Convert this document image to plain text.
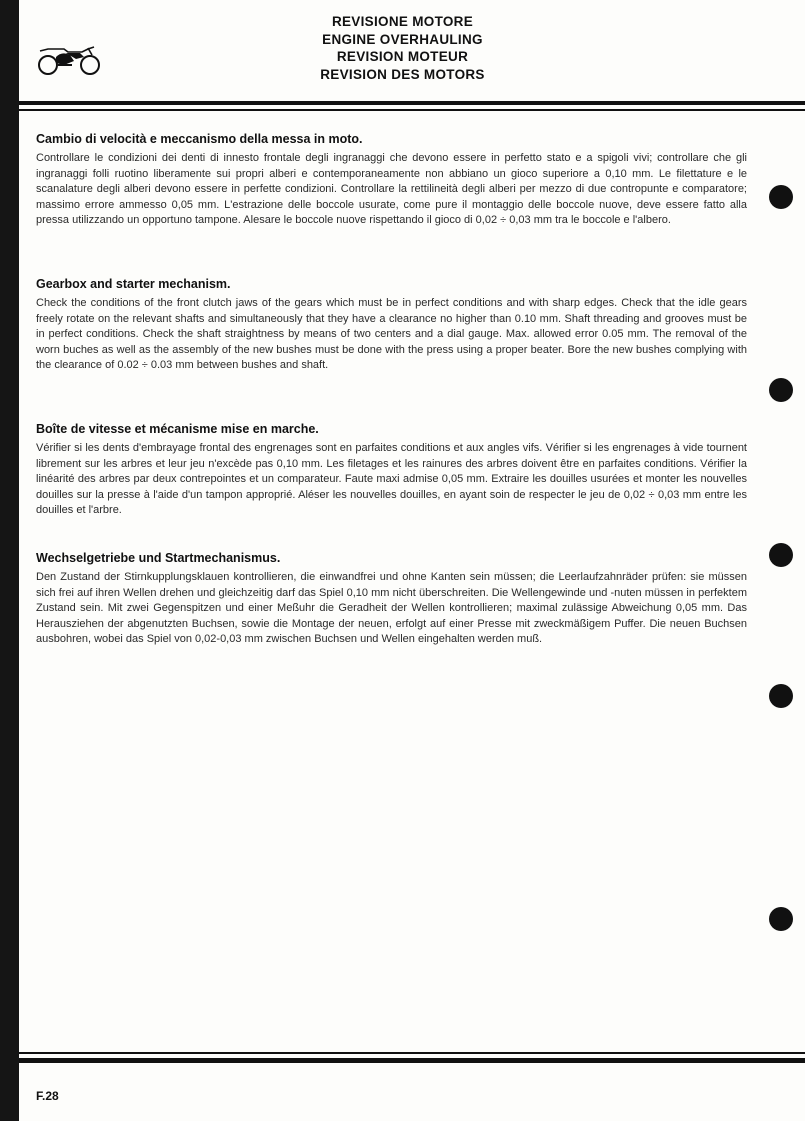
REVISIONE MOTORE
ENGINE OVERHAULING
REVISION MOTEUR
REVISION DES MOTORS
Cambio di velocità e meccanismo della messa in moto.

Controllare le condizioni dei denti di innesto frontale degli ingranaggi che devono essere in perfetto stato e a spigoli vivi; controllare che gli ingranaggi folli ruotino liberamente sui propri alberi e contemporaneamente non abbiano un gioco superiore a 0,10 mm. Le filettature e le scanalature degli alberi devono essere in perfette condizioni. Controllare la rettilineità degli alberi per mezzo di due contropunte e comparatore; massimo errore ammesso 0,05 mm. L'estrazione delle boccole usurate, come pure il montaggio delle boccole nuove, deve essere fatto alla pressa utilizzando un opportuno tampone. Alesare le boccole nuove rispettando il gioco di 0,02 ÷ 0,03 mm tra le boccole e l'albero.

Gearbox and starter mechanism.

Check the conditions of the front clutch jaws of the gears which must be in perfect conditions and with sharp edges. Check that the idle gears freely rotate on the relevant shafts and simultaneously that they have a clearance no higher than 0.10 mm. Shaft threading and grooves must be in perfect conditions. Check the shaft straightness by means of two centers and a dial gauge. Max. allowed error 0.05 mm. The removal of the worn buches as well as the assembly of the new bushes must be done with the press using a proper beater. Bore the new bushes complying with the clearance of 0.02 ÷ 0.03 mm between bushes and shaft.

Boîte de vitesse et mécanisme mise en marche.

Vérifier si les dents d'embrayage frontal des engrenages sont en parfaites conditions et aux angles vifs. Vérifier si les engrenages à vide tournent librement sur les arbres et leur jeu n'excède pas 0,10 mm. Les filetages et les rainures des arbres doivent être en parfaites conditions. Vérifier la linéarité des arbres par deux contrepointes et un comparateur. Faute maxi admise 0,05 mm. Extraire les douilles usurées et monter les nouvelles douilles sur la presse à l'aide d'un tampon approprié. Aléser les nouvelles douilles, en ayant soin de respecter le jeu de 0,02 ÷ 0,03 mm entre les douilles et l'arbre.

Wechselgetriebe und Startmechanismus.

Den Zustand der Stirnkupplungsklauen kontrollieren, die einwandfrei und ohne Kanten sein müssen; die Leerlaufzahnräder prüfen: sie müssen sich frei auf ihren Wellen drehen und gleichzeitig darf das Spiel 0,10 mm nicht überschreiten. Die Wellengewinde und -nuten müssen in perfektem Zustand sein. Mit zwei Gegenspitzen und einer Meßuhr die Geradheit der Wellen kontrollieren; maximal zulässige Abweichung 0,05 mm. Das Herausziehen der abgenutzten Buchsen, sowie die Montage der neuen, erfolgt auf einer Presse mit zweckmäßigem Puffer. Die neuen Buchsen ausbohren, wobei das Spiel von 0,02-0,03 mm zwischen Buchsen und Wellen eingehalten werden muß.

F.28
